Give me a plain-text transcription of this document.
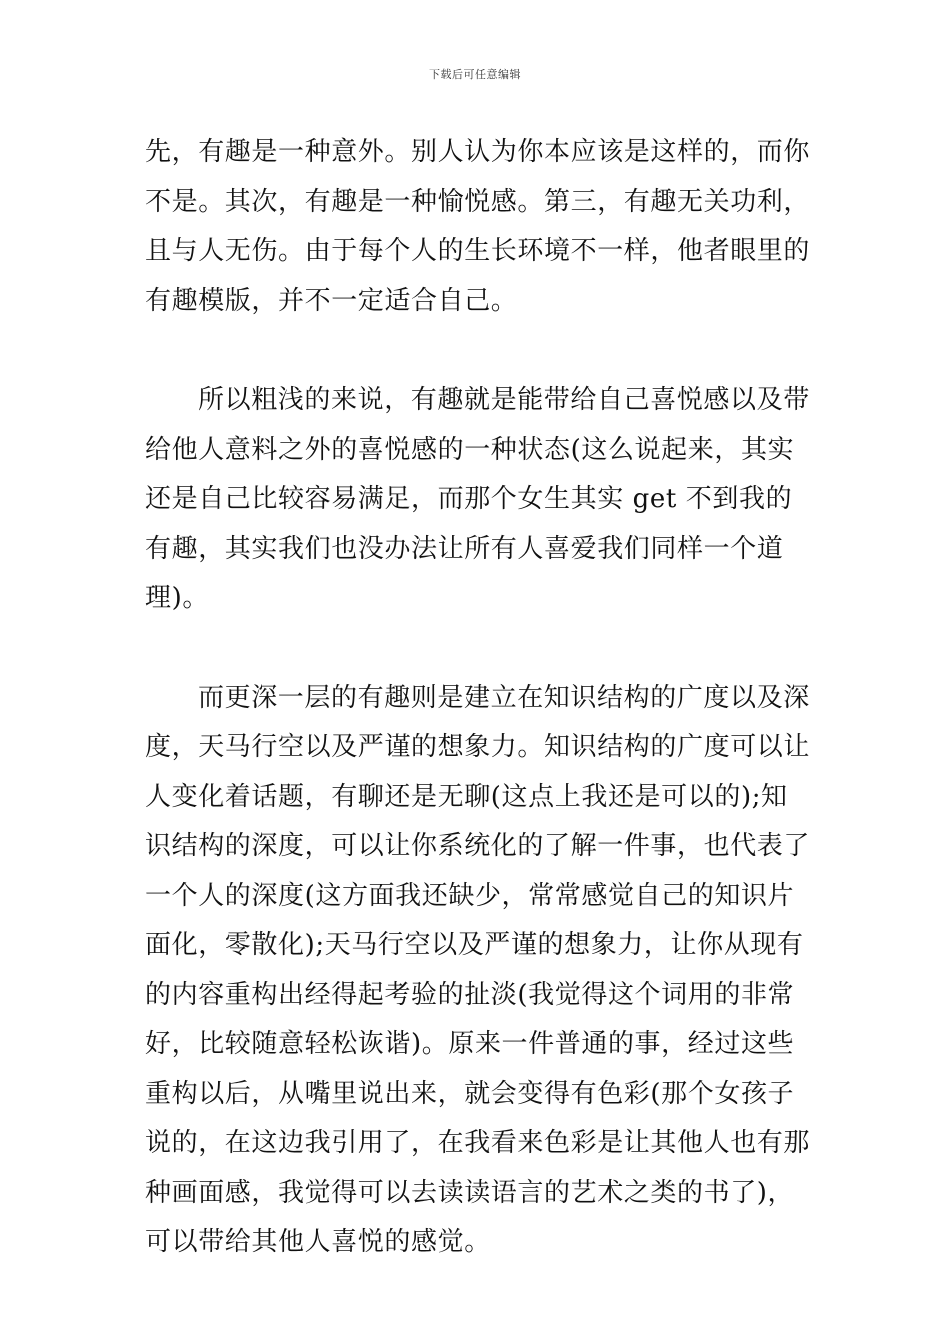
下载后可任意编辑

先，有趣是一种意外。别人认为你本应该是这样的，而你不是。其次，有趣是一种愉悦感。第三，有趣无关功利，且与人无伤。由于每个人的生长环境不一样，他者眼里的有趣模版，并不一定适合自己。

所以粗浅的来说，有趣就是能带给自己喜悦感以及带给他人意料之外的喜悦感的一种状态(这么说起来，其实还是自己比较容易满足，而那个女生其实 get 不到我的有趣，其实我们也没办法让所有人喜爱我们同样一个道理)。

而更深一层的有趣则是建立在知识结构的广度以及深度，天马行空以及严谨的想象力。知识结构的广度可以让人变化着话题，有聊还是无聊(这点上我还是可以的);知识结构的深度，可以让你系统化的了解一件事，也代表了一个人的深度(这方面我还缺少，常常感觉自己的知识片面化，零散化);天马行空以及严谨的想象力，让你从现有的内容重构出经得起考验的扯淡(我觉得这个词用的非常好，比较随意轻松诙谐)。原来一件普通的事，经过这些重构以后，从嘴里说出来，就会变得有色彩(那个女孩子说的，在这边我引用了，在我看来色彩是让其他人也有那种画面感，我觉得可以去读读语言的艺术之类的书了)，可以带给其他人喜悦的感觉。
